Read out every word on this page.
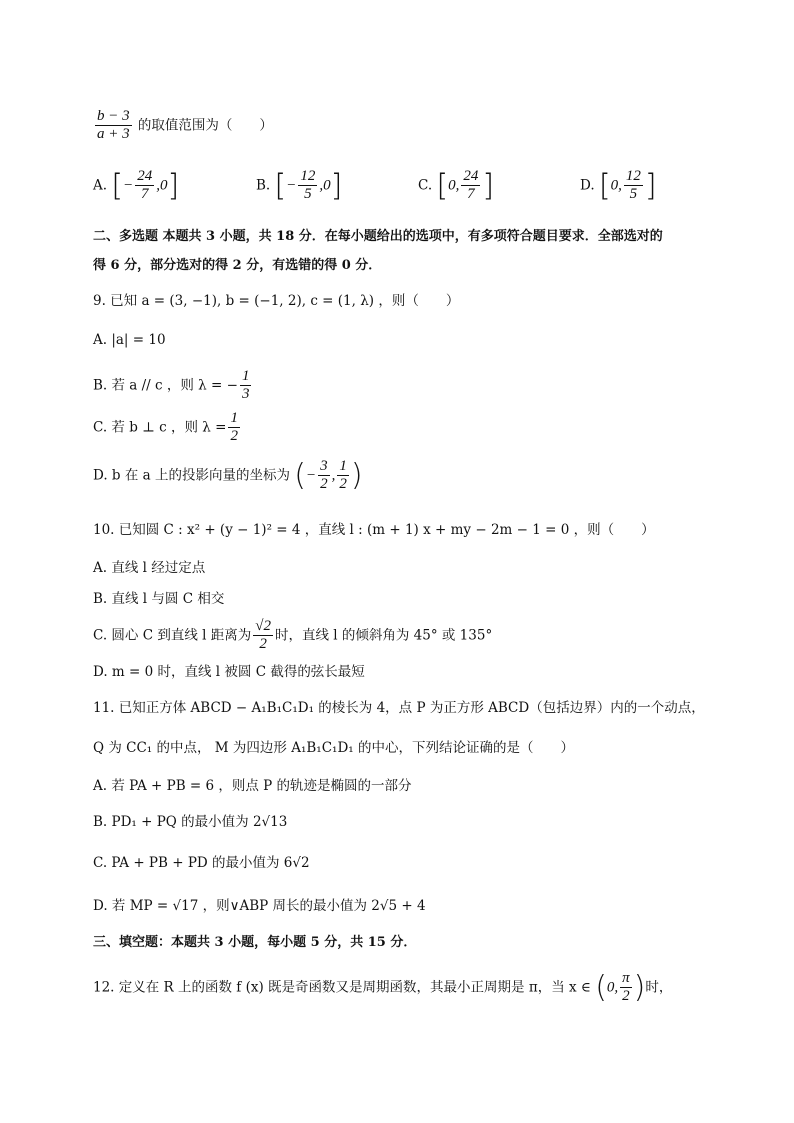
$\frac{b - 3}{a + 3}$ 的取值范围为（　　）
A. [− $\frac{24}{7} ,0$]	B. [− $\frac{12}{5} ,0$]	C. [0, $\frac{24}{7}$ ]	D. [0, $\frac{12}{5}$ ]
二、多选题 本题共 3 小题，共 18 分．在每小题给出的选项中，有多项符合题目要求．全部选对的
得 6 分，部分选对的得 2 分，有选错的得 0 分．
9. 已知 a = (3, −1), b = (−1, 2), c = (1, λ) ，则（　　）
A. |a| = 10
B. 若 a // c ，则 λ = − $\frac{1}{3}$
C. 若 b ⊥ c ，则 $\lambda = \frac{1}{2}$
D. b 在 a 上的投影向量的坐标为 (− $\frac{3}{2}$ , $\frac{1}{2}$ )
10. 已知圆 C : x² + (y − 1)² = 4 ，直线 l : (m + 1) x + my − 2m − 1 = 0 ，则（　　）
A. 直线 l 经过定点
B. 直线 l 与圆 C 相交
C. 圆心 C 到直线 l 距离为 $\frac{√2}{2}$ 时，直线 l 的倾斜角为 45° 或 135°
D. m = 0 时，直线 l 被圆 C 截得的弦长最短
11. 已知正方体 ABCD − A₁B₁C₁D₁ 的棱长为 4，点 P 为正方形 ABCD（包括边界）内的一个动点，
Q 为 CC₁ 的中点， M 为四边形 A₁B₁C₁D₁ 的中心，下列结论证确的是（　　）
A. 若 PA + PB = 6 ，则点 P 的轨迹是椭圆的一部分
B. PD₁ + PQ 的最小值为 2√13
C. PA + PB + PD 的最小值为 6√2
D. 若 MP = √17 ，则∨ABP 周长的最小值为 2√5 + 4
三、填空题：本题共 3 小题，每小题 5 分，共 15 分．
12. 定义在 R 上的函数 f (x) 既是奇函数又是周期函数，其最小正周期是 π，当 x ∈ (0, $\frac{\pi}{2}$ )时，
